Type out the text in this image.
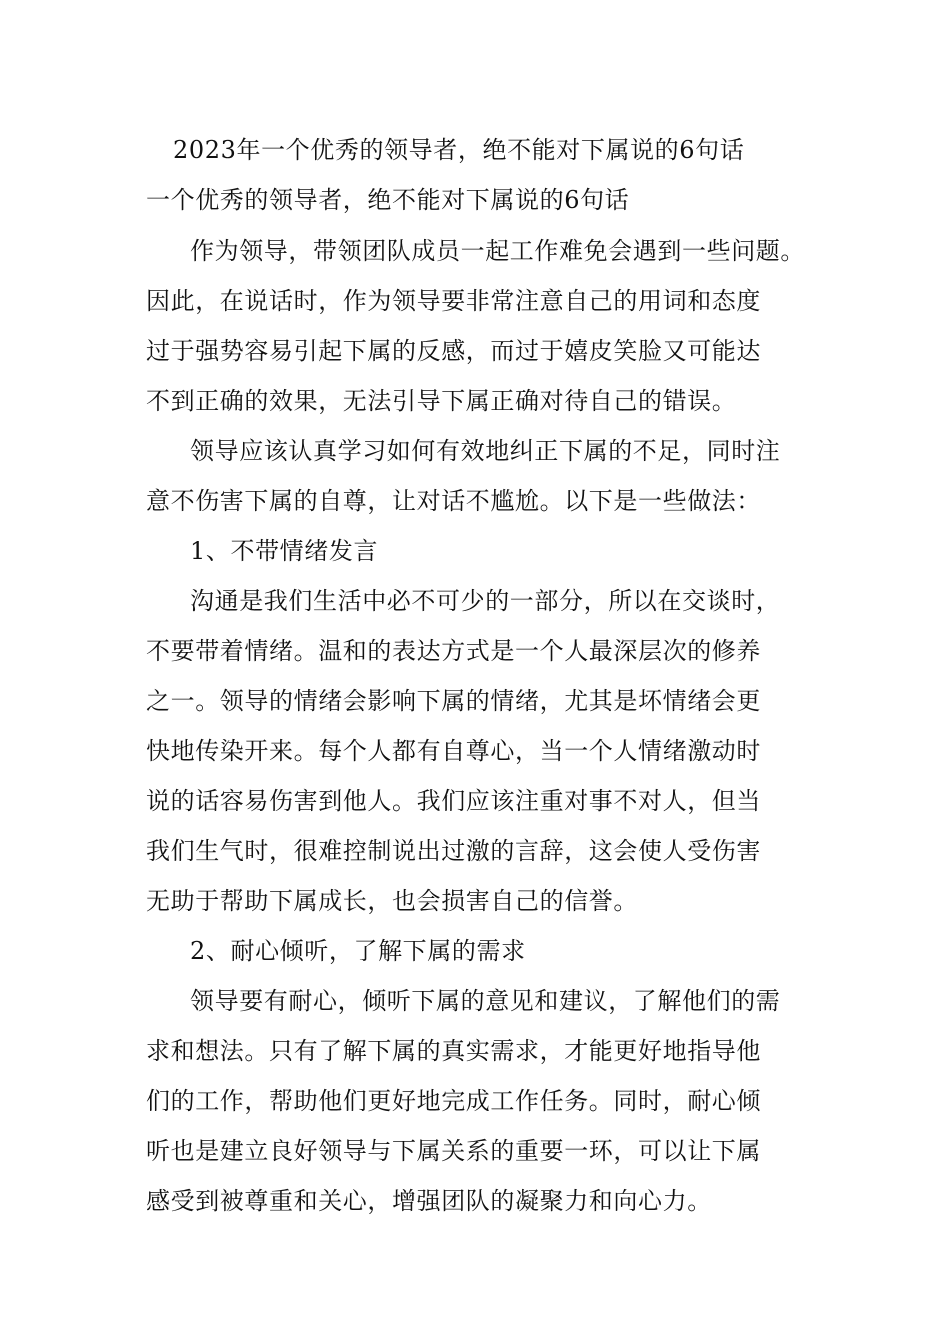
2023年一个优秀的领导者，绝不能对下属说的6句话
一个优秀的领导者，绝不能对下属说的6句话
作为领导，带领团队成员一起工作难免会遇到一些问题。
因此，在说话时，作为领导要非常注意自己的用词和态度
过于强势容易引起下属的反感，而过于嬉皮笑脸又可能达
不到正确的效果，无法引导下属正确对待自己的错误。
领导应该认真学习如何有效地纠正下属的不足，同时注
意不伤害下属的自尊，让对话不尴尬。以下是一些做法：
1、不带情绪发言
沟通是我们生活中必不可少的一部分，所以在交谈时，
不要带着情绪。温和的表达方式是一个人最深层次的修养
之一。领导的情绪会影响下属的情绪，尤其是坏情绪会更
快地传染开来。每个人都有自尊心，当一个人情绪激动时
说的话容易伤害到他人。我们应该注重对事不对人，但当
我们生气时，很难控制说出过激的言辞，这会使人受伤害
无助于帮助下属成长，也会损害自己的信誉。
2、耐心倾听，了解下属的需求
领导要有耐心，倾听下属的意见和建议，了解他们的需
求和想法。只有了解下属的真实需求，才能更好地指导他
们的工作，帮助他们更好地完成工作任务。同时，耐心倾
听也是建立良好领导与下属关系的重要一环，可以让下属
感受到被尊重和关心，增强团队的凝聚力和向心力。
